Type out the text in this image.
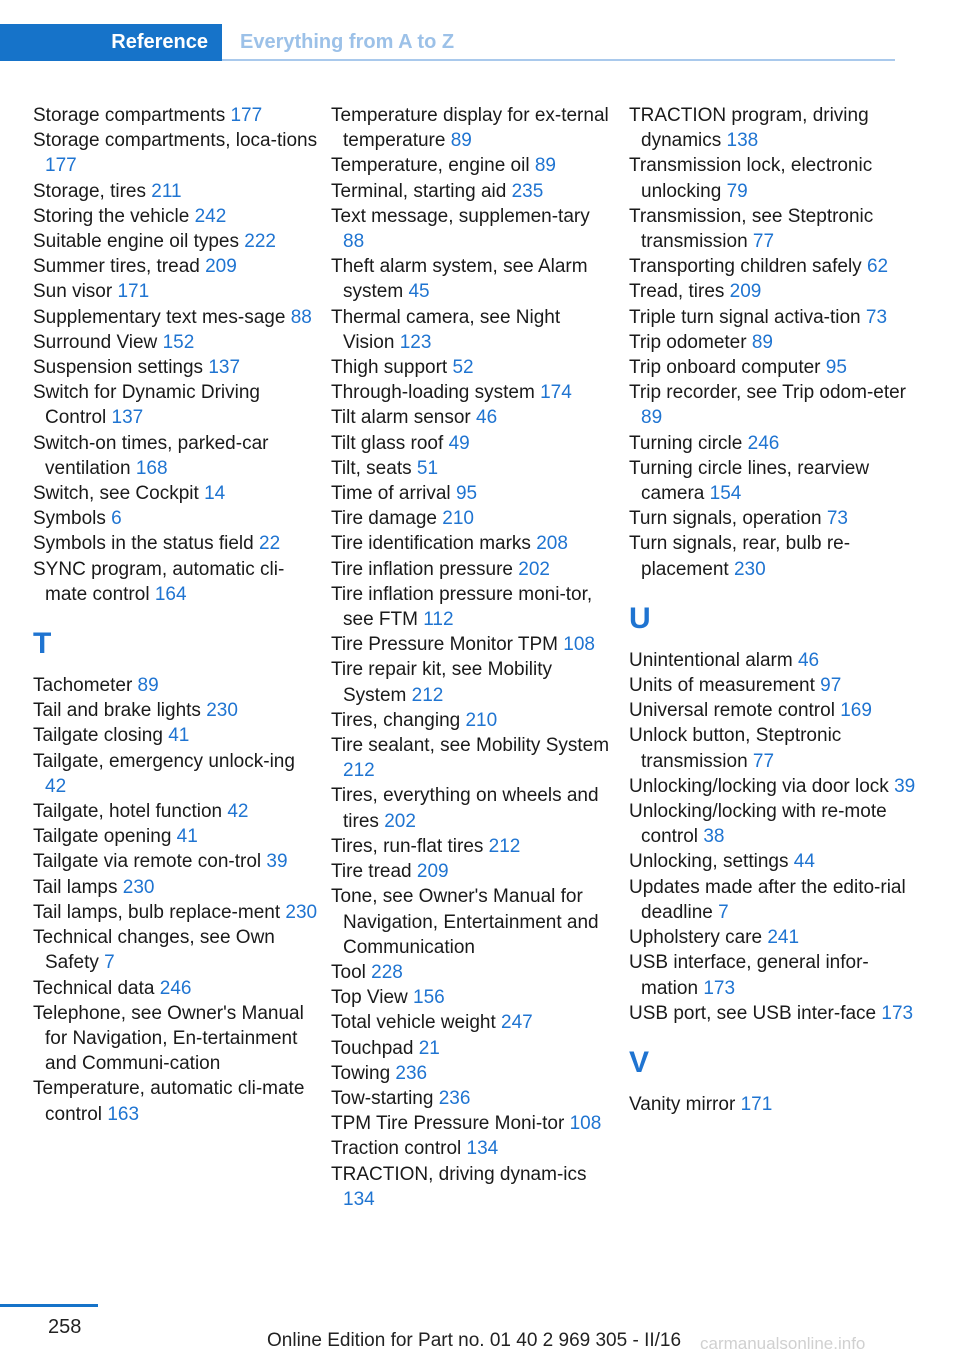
Reference	Everything from A to Z

Storage compartments 177

Storage compartments, loca‐tions 177

Storage, tires 211

Storing the vehicle 242

Suitable engine oil types 222

Summer tires, tread 209

Sun visor 171

Supplementary text mes‐sage 88

Surround View 152

Suspension settings 137

Switch for Dynamic Driving Control 137

Switch-on times, parked-car ventilation 168

Switch, see Cockpit 14

Symbols 6

Symbols in the status field 22

SYNC program, automatic cli‐mate control 164

T

Tachometer 89

Tail and brake lights 230

Tailgate closing 41

Tailgate, emergency unlock‐ing 42

Tailgate, hotel function 42

Tailgate opening 41

Tailgate via remote con‐trol 39

Tail lamps 230

Tail lamps, bulb replace‐ment 230

Technical changes, see Own Safety 7

Technical data 246

Telephone, see Owner's Manual for Navigation, En‐tertainment and Communi‐cation

Temperature, automatic cli‐mate control 163

Temperature display for ex‐ternal temperature 89

Temperature, engine oil 89

Terminal, starting aid 235

Text message, supplemen‐tary 88

Theft alarm system, see Alarm system 45

Thermal camera, see Night Vision 123

Thigh support 52

Through-loading system 174

Tilt alarm sensor 46

Tilt glass roof 49

Tilt, seats 51

Time of arrival 95

Tire damage 210

Tire identification marks 208

Tire inflation pressure 202

Tire inflation pressure moni‐tor, see FTM 112

Tire Pressure Monitor TPM 108

Tire repair kit, see Mobility System 212

Tires, changing 210

Tire sealant, see Mobility System 212

Tires, everything on wheels and tires 202

Tires, run-flat tires 212

Tire tread 209

Tone, see Owner's Manual for Navigation, Entertainment and Communication

Tool 228

Top View 156

Total vehicle weight 247

Touchpad 21

Towing 236

Tow-starting 236

TPM Tire Pressure Moni‐tor 108

Traction control 134

TRACTION, driving dynam‐ics 134

TRACTION program, driving dynamics 138

Transmission lock, electronic unlocking 79

Transmission, see Steptronic transmission 77

Transporting children safely 62

Tread, tires 209

Triple turn signal activa‐tion 73

Trip odometer 89

Trip onboard computer 95

Trip recorder, see Trip odom‐eter 89

Turning circle 246

Turning circle lines, rearview camera 154

Turn signals, operation 73

Turn signals, rear, bulb re‐placement 230

U

Unintentional alarm 46

Units of measurement 97

Universal remote control 169

Unlock button, Steptronic transmission 77

Unlocking/locking via door lock 39

Unlocking/locking with re‐mote control 38

Unlocking, settings 44

Updates made after the edito‐rial deadline 7

Upholstery care 241

USB interface, general infor‐mation 173

USB port, see USB inter‐face 173

V

Vanity mirror 171

258
Online Edition for Part no. 01 40 2 969 305 - II/16 carmanualsonline.info
